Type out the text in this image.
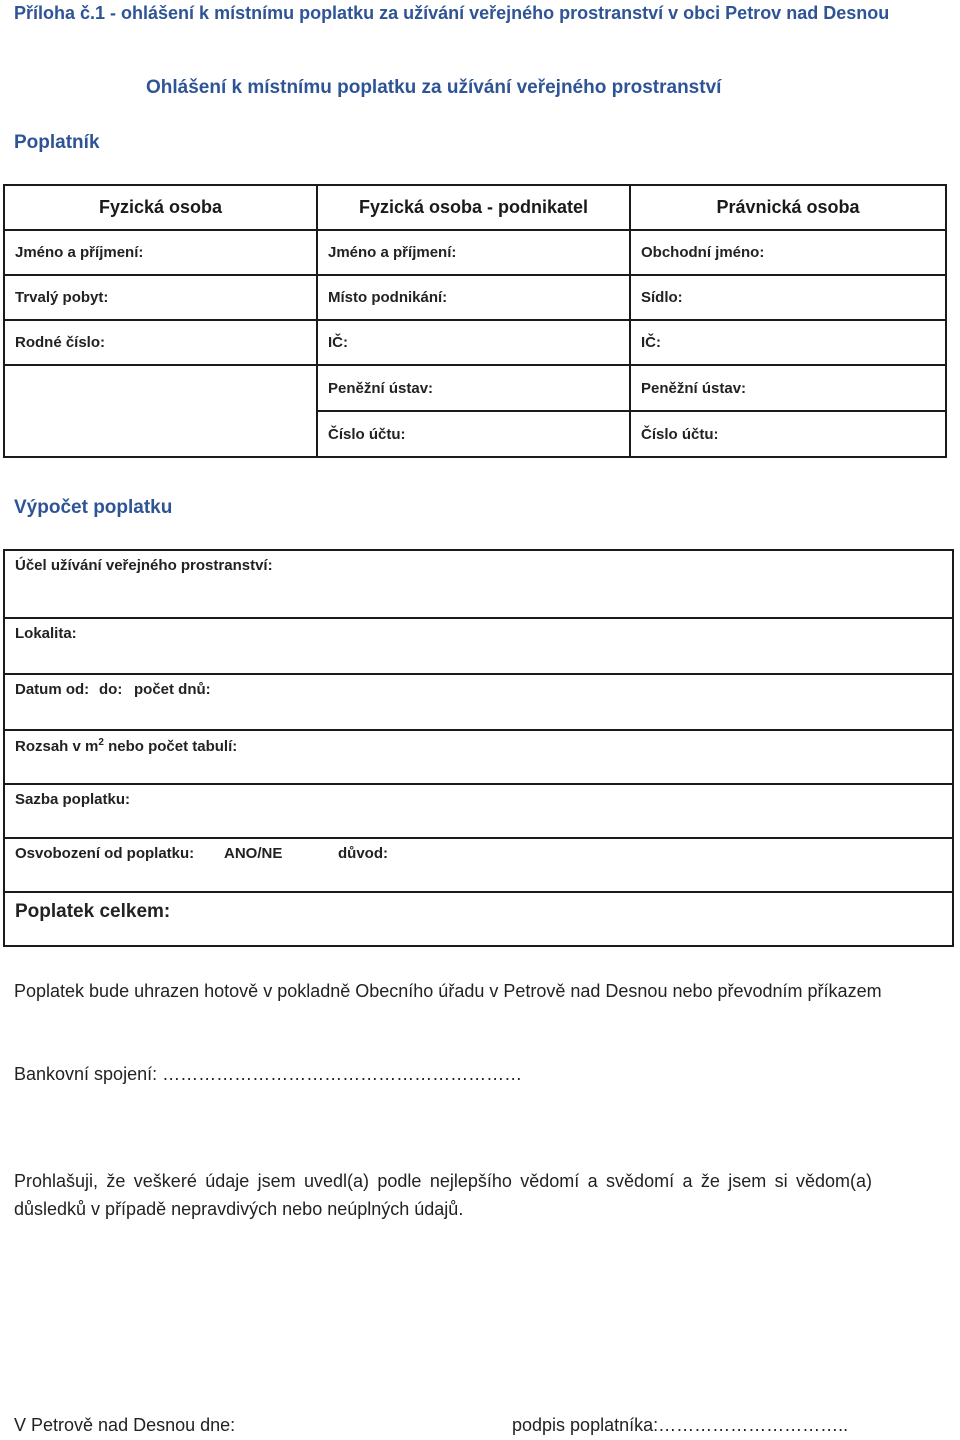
Příloha č.1 - ohlášení k místnímu poplatku za užívání veřejného prostranství v obci Petrov nad Desnou
Ohlášení k místnímu poplatku za užívání veřejného prostranství
Poplatník
Fyzická osoba	Fyzická osoba - podnikatel	Právnická osoba
Jméno a příjmení:	Jméno a příjmení:	Obchodní jméno:
Trvalý pobyt:	Místo podnikání:	Sídlo:
Rodné číslo:	IČ:	IČ:
	Peněžní ústav:	Peněžní ústav:
	Číslo účtu:	Číslo účtu:
Výpočet poplatku
Účel užívání veřejného prostranství:
Lokalita:
Datum od: do: počet dnů:
Rozsah v $m^2$ nebo počet tabulí:
Sazba poplatku:
Osvobození od poplatku: ANO/NE	důvod:
Poplatek celkem:
Poplatek bude uhrazen hotově v pokladně Obecního úřadu v Petrově nad Desnou nebo převodním příkazem
Bankovní spojení: ……………………………………………………
Prohlašuji, že veškeré údaje jsem uvedl(a) podle nejlepšího vědomí a svědomí a že jsem si vědom(a) důsledků v případě nepravdivých nebo neúplných údajů.
V Petrově nad Desnou dne:	podpis poplatníka:…………………………..
